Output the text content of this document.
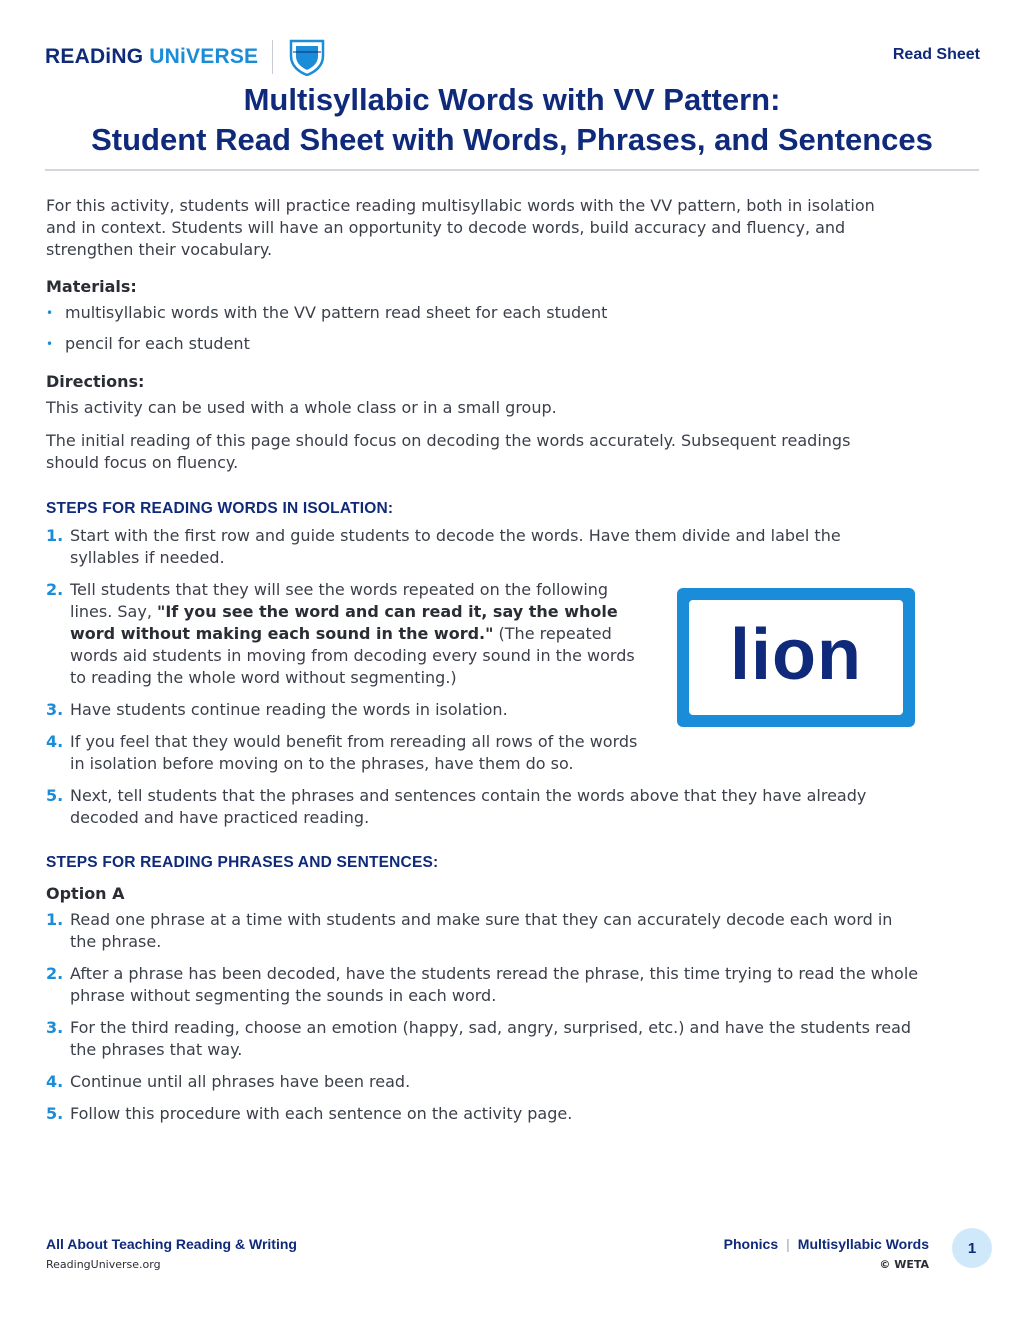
READiNG UNiVERSE	Read Sheet
Multisyllabic Words with VV Pattern:
Student Read Sheet with Words, Phrases, and Sentences

For this activity, students will practice reading multisyllabic words with the VV pattern, both in isolation and in context. Students will have an opportunity to decode words, build accuracy and fluency, and strengthen their vocabulary.

Materials:
• multisyllabic words with the VV pattern read sheet for each student
• pencil for each student
Directions:

This activity can be used with a whole class or in a small group.

The initial reading of this page should focus on decoding the words accurately. Subsequent readings should focus on fluency.

STEPS FOR READING WORDS IN ISOLATION:
1. Start with the first row and guide students to decode the words. Have them divide and label the syllables if needed.
2. Tell students that they will see the words repeated on the following lines. Say, "If you see the word and can read it, say the whole word without making each sound in the word." (The repeated words aid students in moving from decoding every sound in the words to reading the whole word without segmenting.)
3. Have students continue reading the words in isolation.
4. If you feel that they would benefit from rereading all rows of the words in isolation before moving on to the phrases, have them do so.
5. Next, tell students that the phrases and sentences contain the words above that they have already decoded and have practiced reading.
lion
STEPS FOR READING PHRASES AND SENTENCES:
Option A
1. Read one phrase at a time with students and make sure that they can accurately decode each word in the phrase.
2. After a phrase has been decoded, have the students reread the phrase, this time trying to read the whole phrase without segmenting the sounds in each word.
3. For the third reading, choose an emotion (happy, sad, angry, surprised, etc.) and have the students read the phrases that way.
4. Continue until all phrases have been read.
5. Follow this procedure with each sentence on the activity page.
All About Teaching Reading & Writing
ReadingUniverse.org
Phonics | Multisyllabic Words
© WETA
1
